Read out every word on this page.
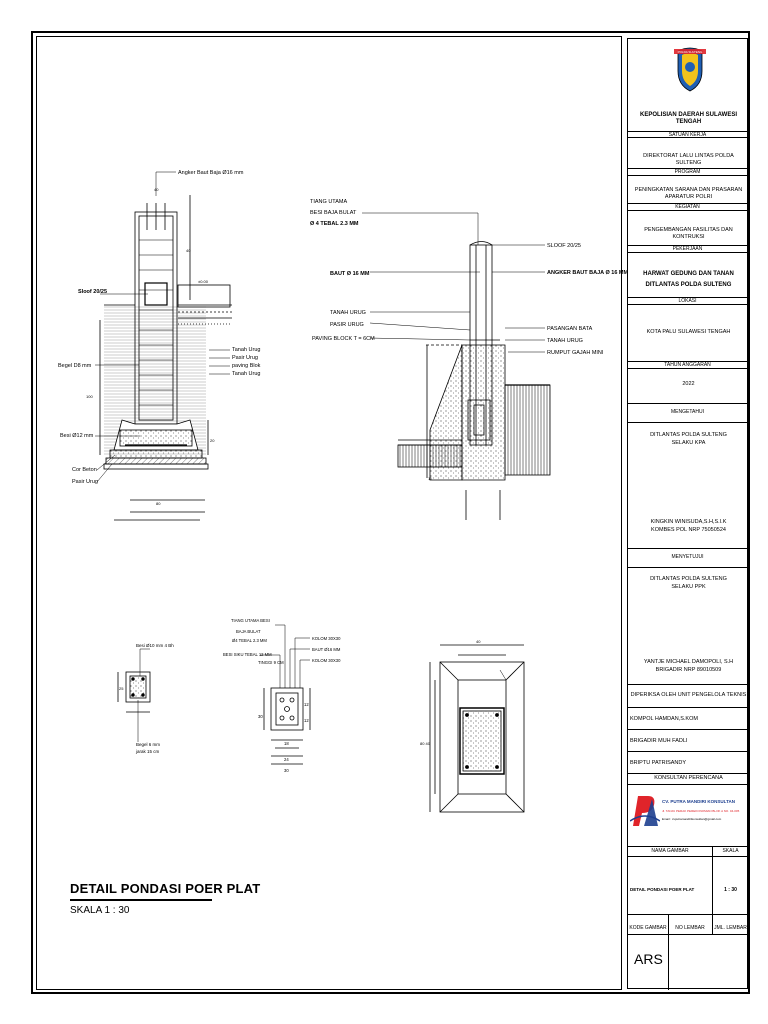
Angker Baut Baja Ø16 mm
Sloof 20/25
Tanah Urug
Pasir Urug
paving Blok
Tanah Urug
Begel D8 mm
Besi Ø12 mm
Cor Beton
Pasir Urug
40
40
±0.00
100
20
80
TIANG UTAMA
BESI BAJA BULAT
Ø 4 TEBAL 2.3 MM
SLOOF 20/25
BAUT Ø 16 MM	ANGKER BAUT BAJA Ø 16 MM
TANAH URUG
PASIR URUG
PAVING BLOCK T = 6CM
PASANGAN BATA
TANAH URUG
RUMPUT GAJAH MINI
11
Besi Ø10 mm 4 Bh
Begel 6 mm
jarak 15 cm
25
TIANG UTAMA BESI
BAJA BULAT
Ø4 TEBAL 2.3 MM
BESI SIKU TEBAL 12 MM
TINGGI 9 CM
KOLOM 30X30
BAUT Ø16 MM
KOLOM 30X30
30
18
24
30
12
12
40
80 40
DETAIL PONDASI POER PLAT
SKALA 1 : 30
POLDA SULTENG
KEPOLISIAN DAERAH SULAWESI TENGAH
SATUAN KERJA
DIREKTORAT LALU LINTAS POLDA SULTENG
PROGRAM
PENINGKATAN SARANA DAN PRASARAN APARATUR POLRI
KEGIATAN
PENGEMBANGAN FASILITAS DAN KONTRUKSI
PEKERJAAN
HARWAT GEDUNG DAN TANAN
DITLANTAS POLDA SULTENG
LOKASI
KOTA PALU SULAWESI TENGAH
TAHUN ANGGARAN
2022
MENGETAHUI
DITLANTAS POLDA SULTENG
SELAKU KPA
KINGKIN WINISUDA,S.H,S.I.K
KOMBES POL NRP 75050524
MENYETUJUI
DITLANTAS POLDA SULTENG
SELAKU PPK
YANTJE MICHAEL DAMOPOLI, S.H
BRIGADIR NRP 89010509
DIPERIKSA OLEH UNIT PENGELOLA TEKNIS
KOMPOL HAMDAN,S.KOM
BRIGADIR MUH FADLI
BRIPTU PATRISANDY
KONSULTAN PERENCANA
CV. PUTRA MANDIRI KONSULTAN
Jl. TANJU PERAK PEREKONOMIAN BLOK A NO. 04-005
Email : cvputramandirikonsultan@gmail.com
NAMA GAMBAR	SKALA
DETAIL PONDASI POER PLAT	1 : 30
KODE GAMBAR	NO LEMBAR	JML. LEMBAR
ARS
